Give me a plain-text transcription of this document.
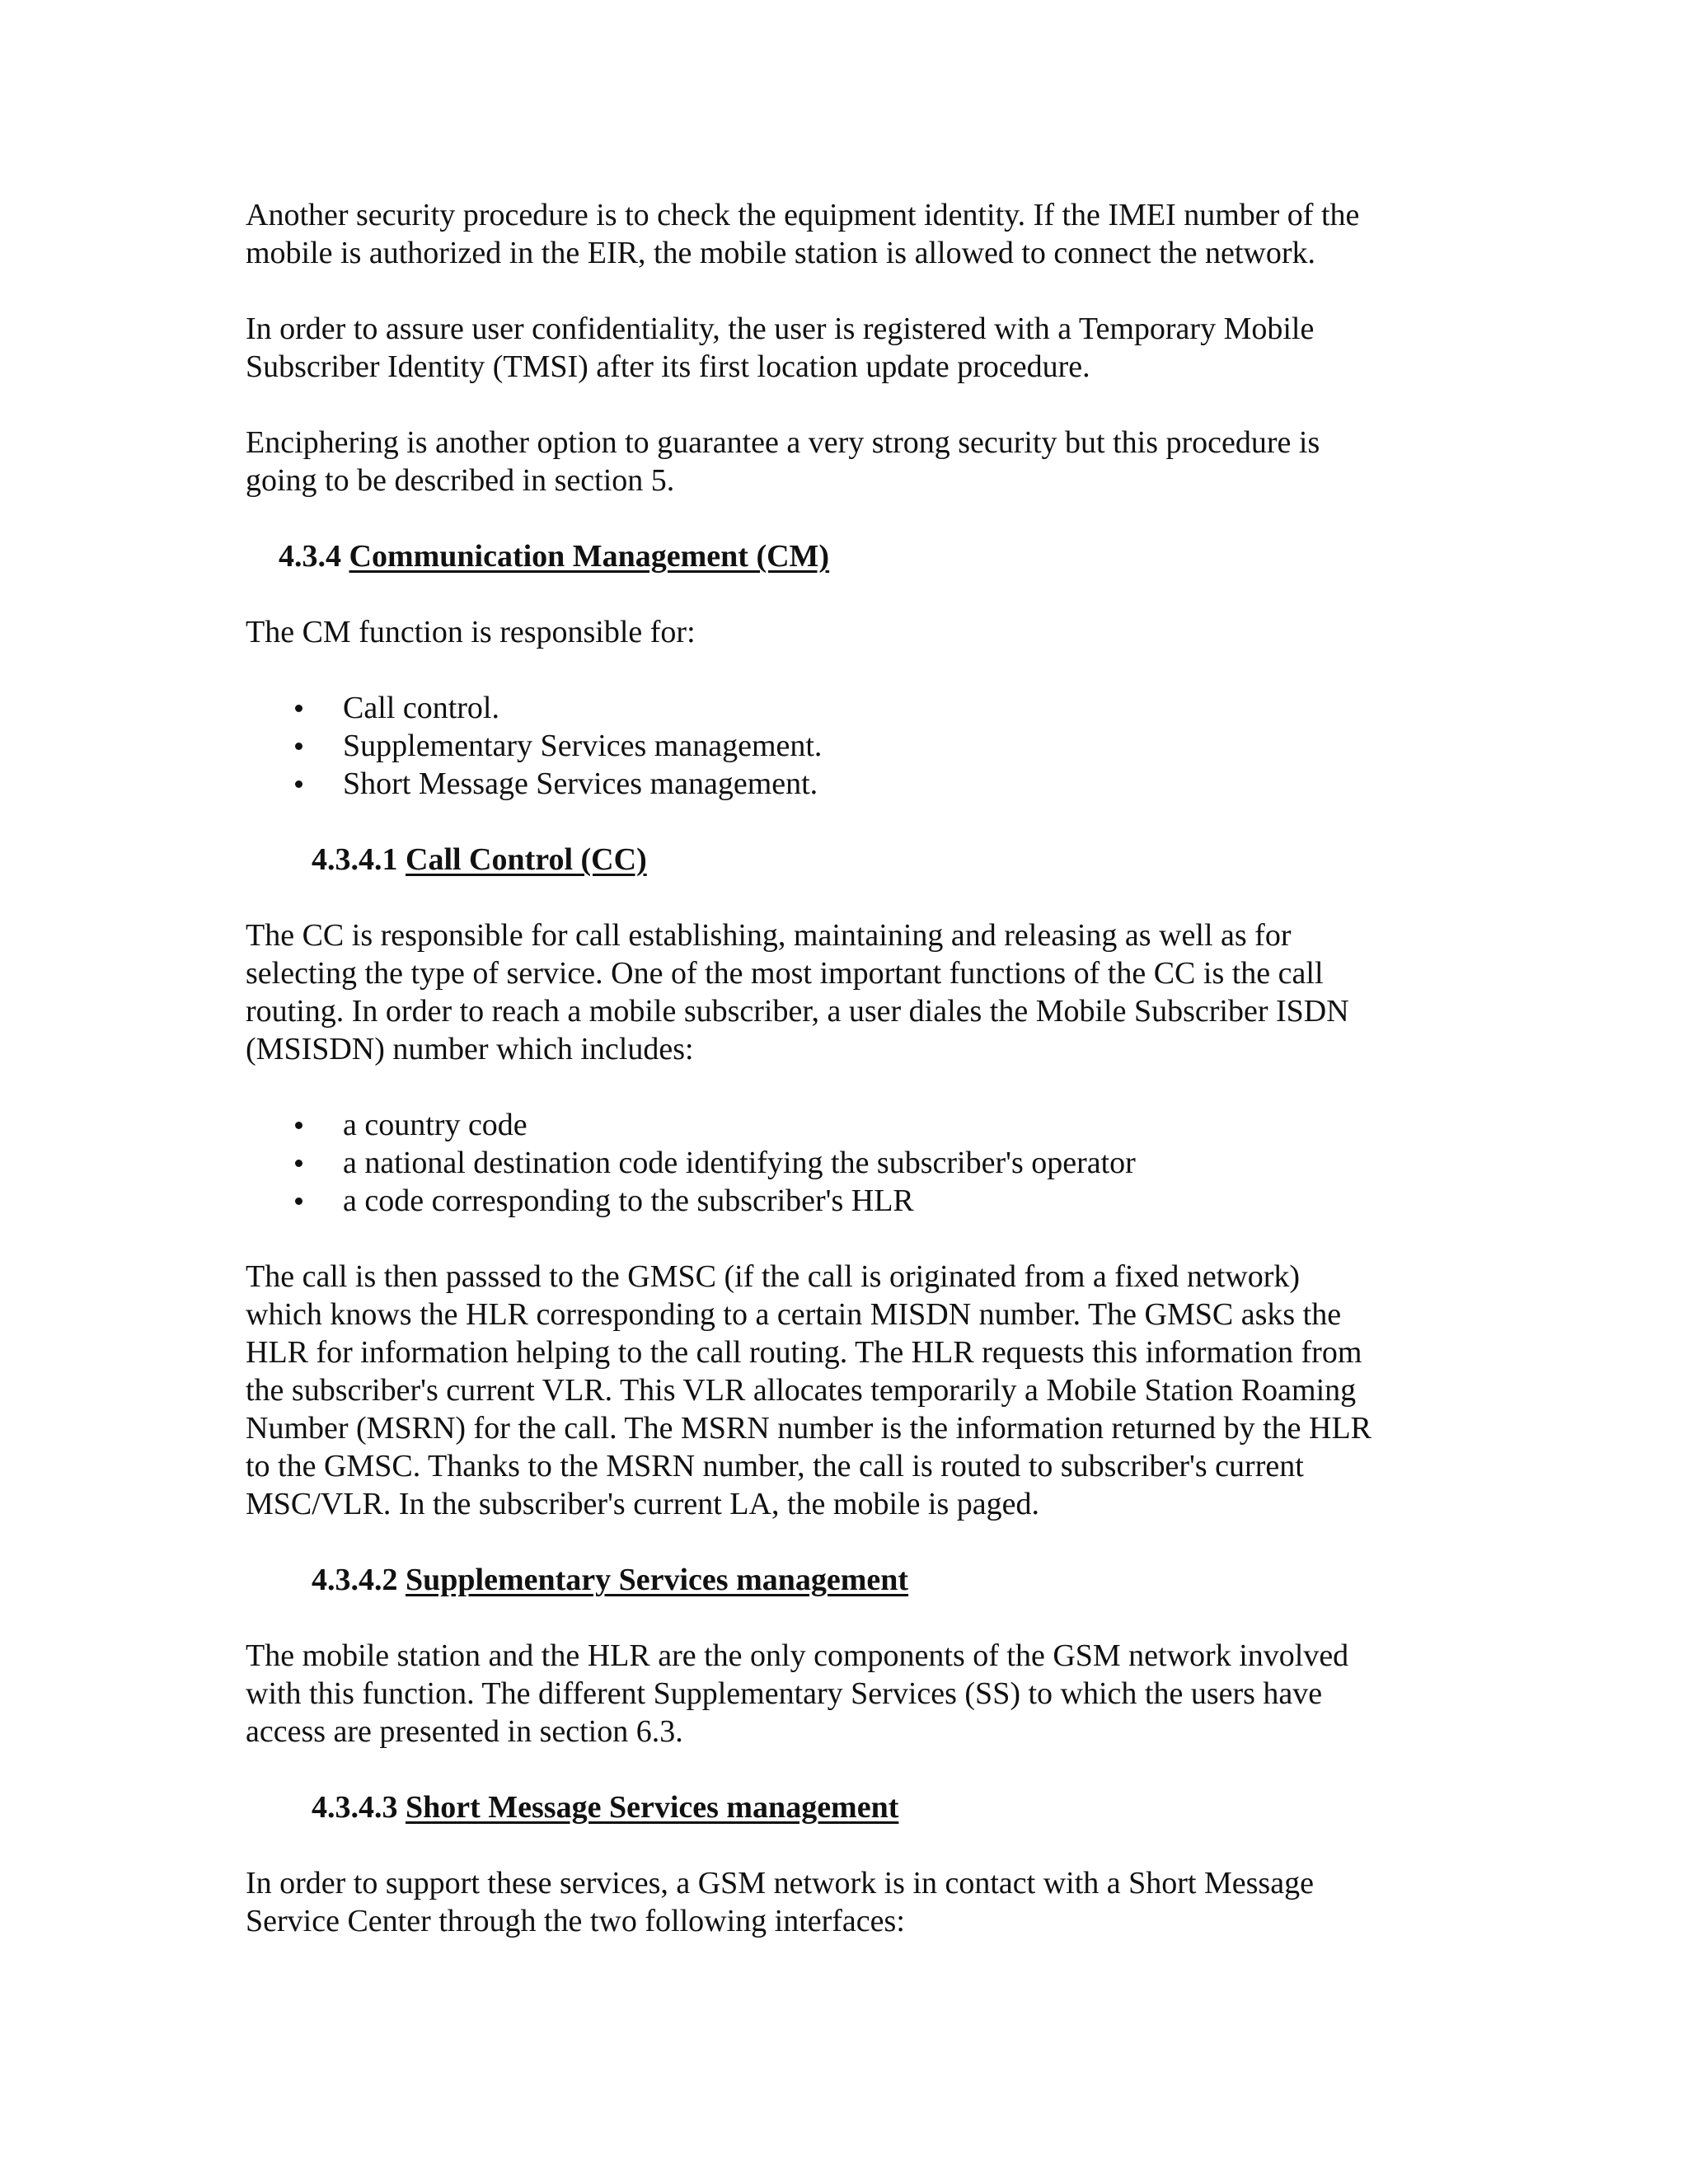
Another security procedure is to check the equipment identity. If the IMEI number of the
mobile is authorized in the EIR, the mobile station is allowed to connect the network.

In order to assure user confidentiality, the user is registered with a Temporary Mobile
Subscriber Identity (TMSI) after its first location update procedure.

Enciphering is another option to guarantee a very strong security but this procedure is
going to be described in section 5.

4.3.4 Communication Management (CM)

The CM function is responsible for:

Call control.
Supplementary Services management.
Short Message Services management.
4.3.4.1 Call Control (CC)

The CC is responsible for call establishing, maintaining and releasing as well as for
selecting the type of service. One of the most important functions of the CC is the call
routing. In order to reach a mobile subscriber, a user diales the Mobile Subscriber ISDN
(MSISDN) number which includes:

a country code
a national destination code identifying the subscriber's operator
a code corresponding to the subscriber's HLR

The call is then passsed to the GMSC (if the call is originated from a fixed network)
which knows the HLR corresponding to a certain MISDN number. The GMSC asks the
HLR for information helping to the call routing. The HLR requests this information from
the subscriber's current VLR. This VLR allocates temporarily a Mobile Station Roaming
Number (MSRN) for the call. The MSRN number is the information returned by the HLR
to the GMSC. Thanks to the MSRN number, the call is routed to subscriber's current
MSC/VLR. In the subscriber's current LA, the mobile is paged.

4.3.4.2 Supplementary Services management

The mobile station and the HLR are the only components of the GSM network involved
with this function. The different Supplementary Services (SS) to which the users have
access are presented in section 6.3.

4.3.4.3 Short Message Services management

In order to support these services, a GSM network is in contact with a Short Message
Service Center through the two following interfaces:
